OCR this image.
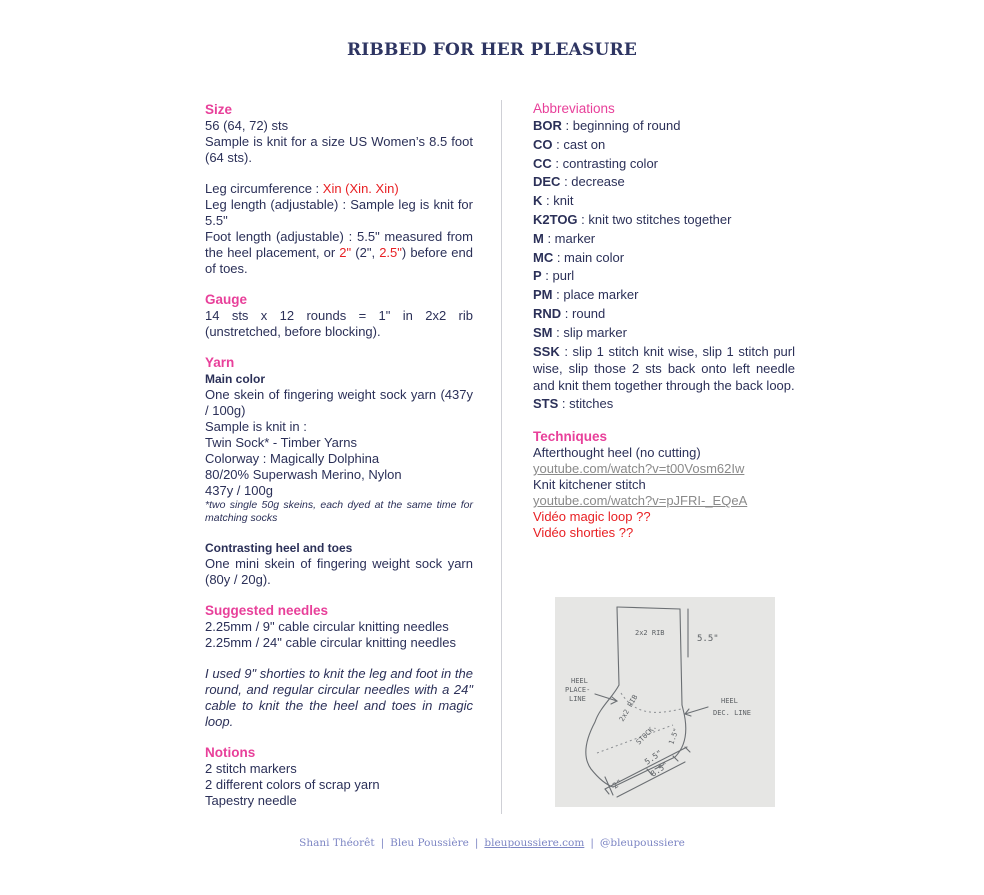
RIBBED FOR HER PLEASURE
Size

56 (64, 72) sts

Sample is knit for a size US Women’s 8.5 foot (64 sts).

Leg circumference : Xin (Xin. Xin)

Leg length (adjustable) : Sample leg is knit for 5.5"

Foot length (adjustable) : 5.5" measured from the heel placement, or 2" (2", 2.5") before end of toes.

Gauge

14 sts x 12 rounds = 1" in 2x2 rib (unstretched, before blocking).

Yarn

Main color

One skein of fingering weight sock yarn (437y / 100g)

Sample is knit in :

Twin Sock* - Timber Yarns

Colorway : Magically Dolphina

80/20% Superwash Merino, Nylon

437y / 100g

*two single 50g skeins, each dyed at the same time for matching socks

Contrasting heel and toes

One mini skein of fingering weight sock yarn (80y / 20g).

Suggested needles

2.25mm / 9" cable circular knitting needles

2.25mm / 24" cable circular knitting needles

I used 9" shorties to knit the leg and foot in the round, and regular circular needles with a 24" cable to knit the the heel and toes in magic loop.

Notions

2 stitch markers

2 different colors of scrap yarn

Tapestry needle

Abbreviations

BOR : beginning of round

CO : cast on

CC : contrasting color

DEC : decrease

K : knit

K2TOG : knit two stitches together

M : marker

MC : main color

P : purl

PM : place marker

RND : round

SM : slip marker

SSK : slip 1 stitch knit wise, slip 1 stitch purl wise, slip those 2 sts back onto left needle and knit them together through the back loop.

STS : stitches

Techniques

Afterthought heel (no cutting)

youtube.com/watch?v=t00Vosm62Iw

Knit kitchener stitch

youtube.com/watch?v=pJFRI-_EQeA

Vidéo magic loop ??

Vidéo shorties ??

2x2 RIB
5.5"
HEEL
PLACE-
LINE	HEEL
DEC. LINE
2x2 RIB
STOCK. 1.5"
5.5"
8.5"
2"
Shani Théorêt | Bleu Poussière | bleupoussiere.com | @bleupoussiere
